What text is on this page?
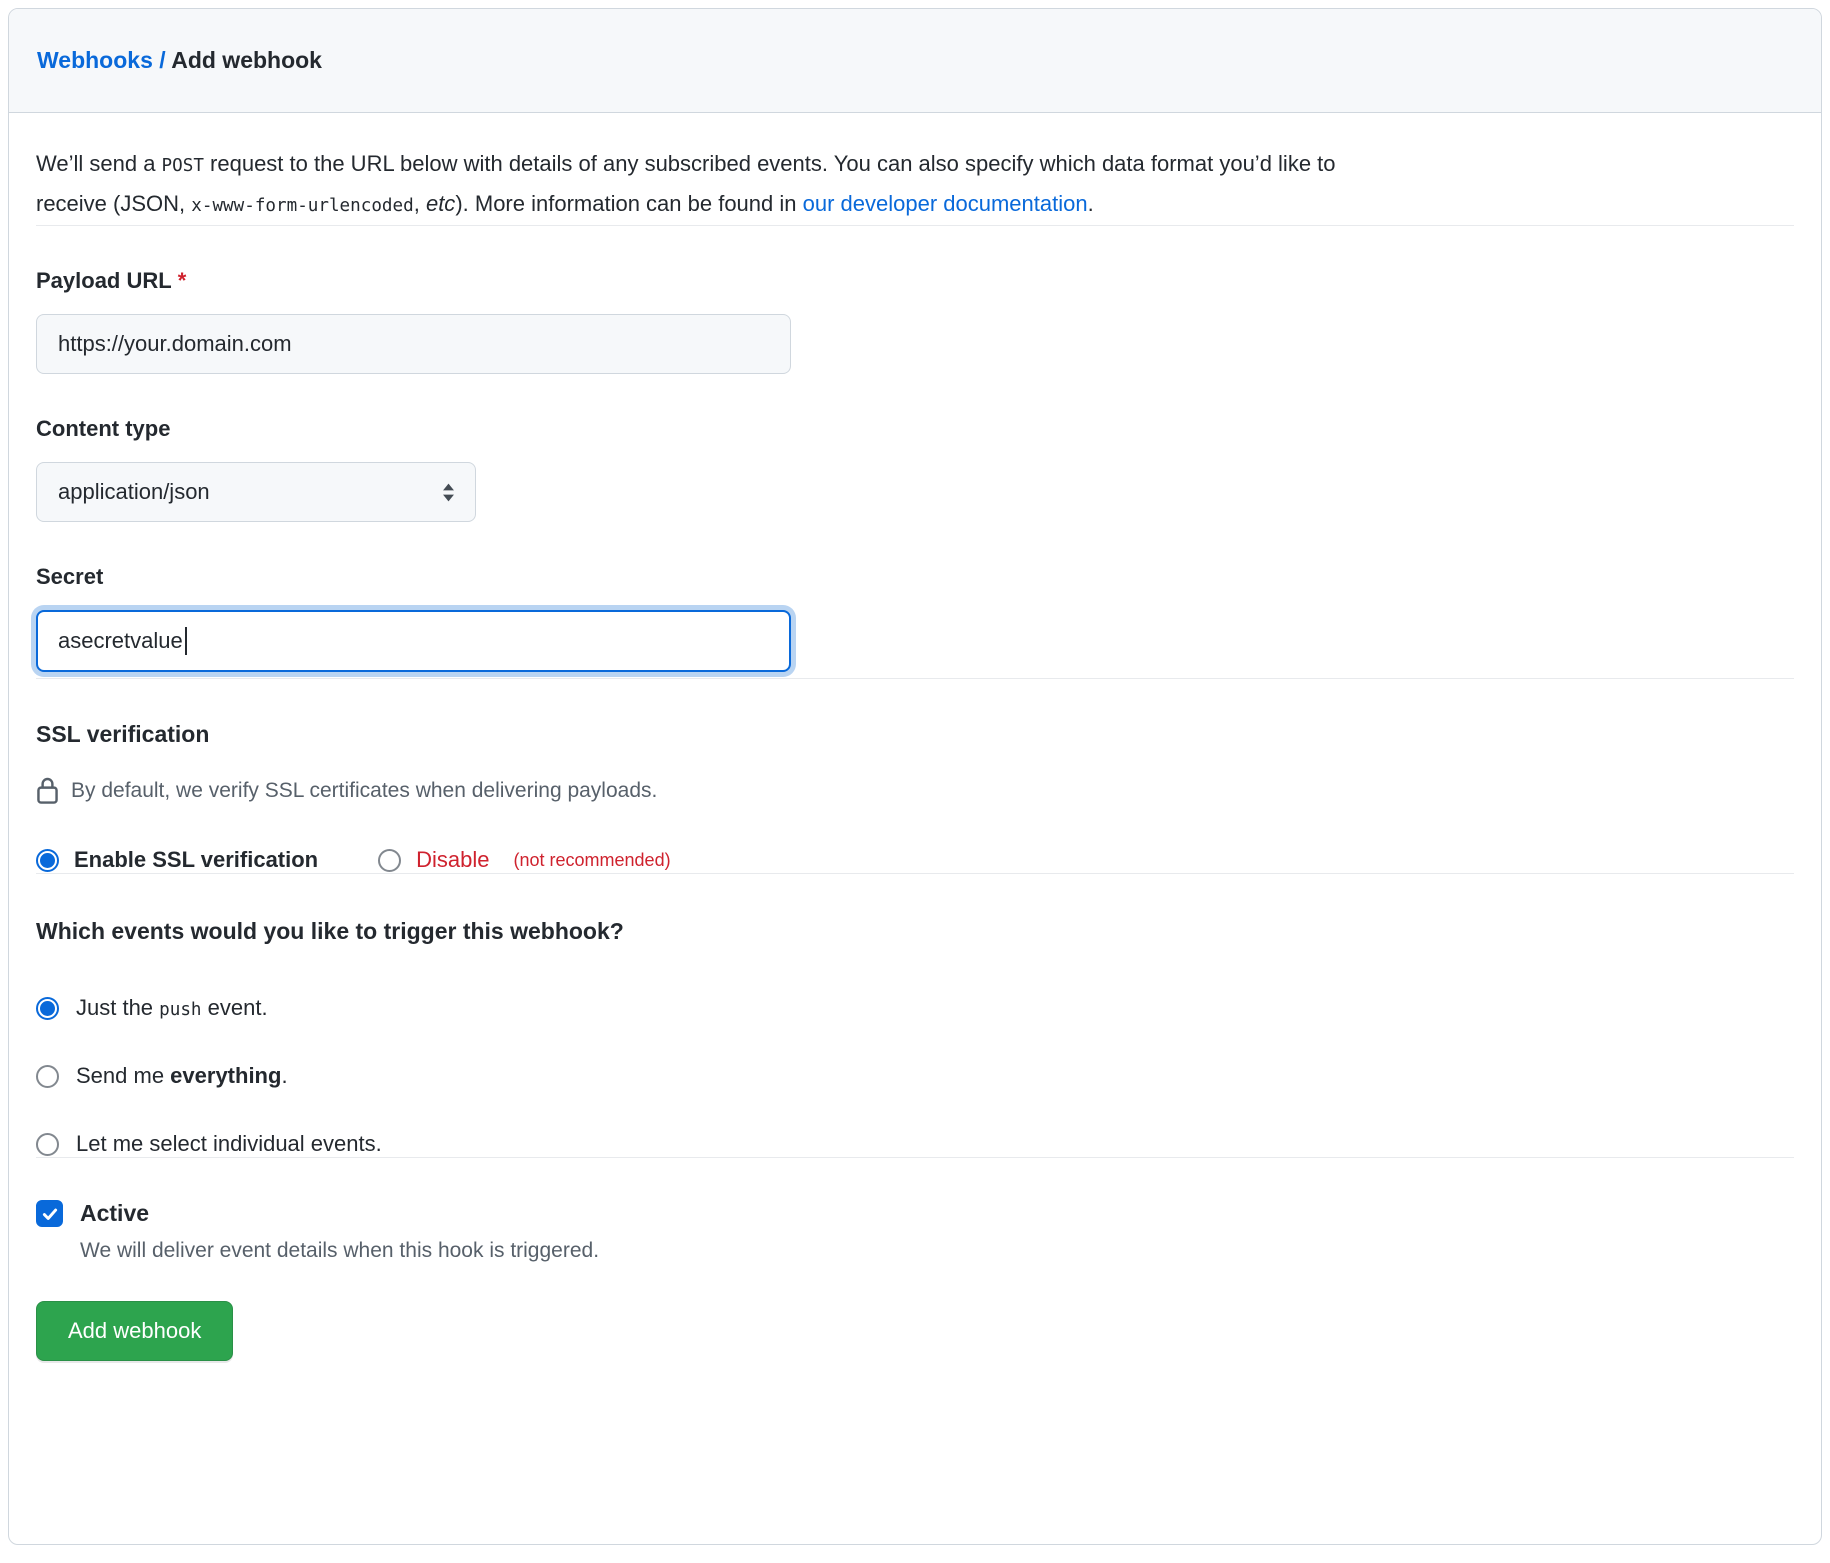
Webhooks / Add webhook

We’ll send a POST request to the URL below with details of any subscribed events. You can also specify which data format you’d like to
receive (JSON, x-www-form-urlencoded, etc). More information can be found in our developer documentation.

Payload URL *
https://your.domain.com
Content type
application/json
Secret
asecretvalue
SSL verification
By default, we verify SSL certificates when delivering payloads.
Enable SSL verification	Disable (not recommended)
Which events would you like to trigger this webhook?
Just the push event.
Send me everything.
Let me select individual events.
Active
We will deliver event details when this hook is triggered.
Add webhook
